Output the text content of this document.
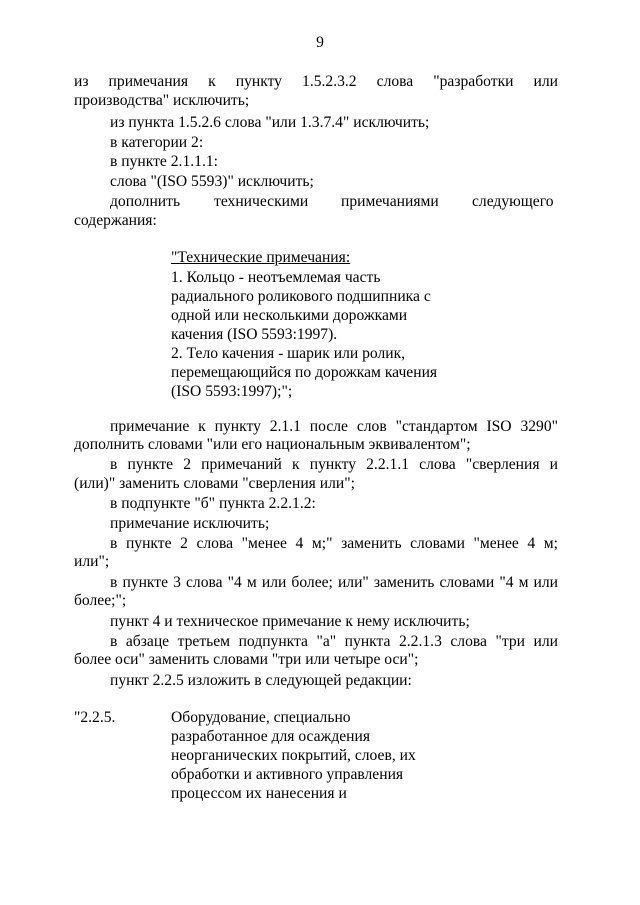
9
из примечания к пункту 1.5.2.3.2 слова "разработки или
производства" исключить;
из пункта 1.5.2.6 слова "или 1.3.7.4" исключить;
в категории 2:
в пункте 2.1.1.1:
слова "(ISO 5593)" исключить;
дополнить техническими примечаниями следующего
содержания:
"Технические примечания:
1. Кольцо - неотъемлемая часть
радиального роликового подшипника с
одной или несколькими дорожками
качения (ISO 5593:1997).
2. Тело качения - шарик или ролик,
перемещающийся по дорожкам качения
(ISO 5593:1997);";
примечание к пункту 2.1.1 после слов "стандартом ISO 3290"
дополнить словами "или его национальным эквивалентом";
в пункте 2 примечаний к пункту 2.2.1.1 слова "сверления и
(или)" заменить словами "сверления или";
в подпункте "б" пункта 2.2.1.2:
примечание исключить;
в пункте 2 слова "менее 4 м;" заменить словами "менее 4 м;
или";
в пункте 3 слова "4 м или более; или" заменить словами "4 м или
более;";
пункт 4 и техническое примечание к нему исключить;
в абзаце третьем подпункта "а" пункта 2.2.1.3 слова "три или
более оси" заменить словами "три или четыре оси";
пункт 2.2.5 изложить в следующей редакции:
"2.2.5.	Оборудование, специально
разработанное для осаждения
неорганических покрытий, слоев, их
обработки и активного управления
процессом их нанесения и
